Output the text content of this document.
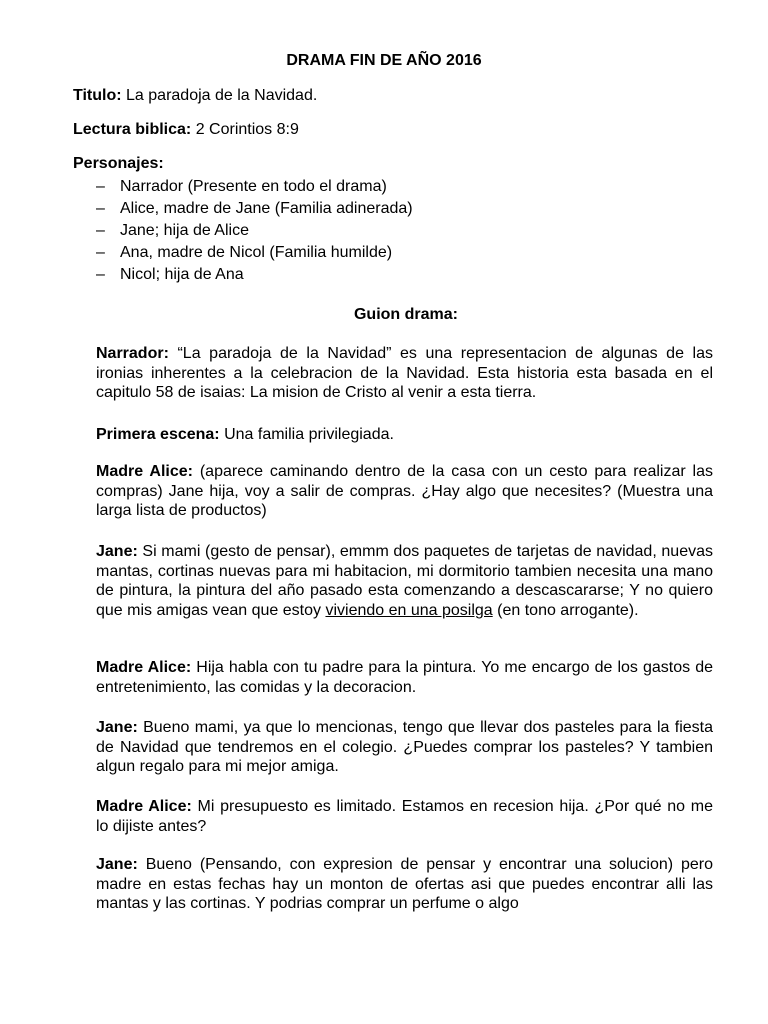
DRAMA FIN DE AÑO 2016
Titulo: La paradoja de la Navidad.
Lectura biblica: 2 Corintios 8:9
Personajes:
– Narrador (Presente en todo el drama)
– Alice, madre de Jane (Familia adinerada)
– Jane; hija de Alice
– Ana, madre de Nicol (Familia humilde)
– Nicol; hija de Ana
Guion drama:

Narrador: “La paradoja de la Navidad” es una representacion de algunas de las ironias inherentes a la celebracion de la Navidad. Esta historia esta basada en el capitulo 58 de isaias: La mision de Cristo al venir a esta tierra.

Primera escena: Una familia privilegiada.

Madre Alice: (aparece caminando dentro de la casa con un cesto para realizar las compras) Jane hija, voy a salir de compras. ¿Hay algo que necesites? (Muestra una larga lista de productos)

Jane: Si mami (gesto de pensar), emmm dos paquetes de tarjetas de navidad, nuevas mantas, cortinas nuevas para mi habitacion, mi dormitorio tambien necesita una mano de pintura, la pintura del año pasado esta comenzando a descascararse; Y no quiero que mis amigas vean que estoy viviendo en una posilga (en tono arrogante).

Madre Alice: Hija habla con tu padre para la pintura. Yo me encargo de los gastos de entretenimiento, las comidas y la decoracion.

Jane: Bueno mami, ya que lo mencionas, tengo que llevar dos pasteles para la fiesta de Navidad que tendremos en el colegio. ¿Puedes comprar los pasteles? Y tambien algun regalo para mi mejor amiga.

Madre Alice: Mi presupuesto es limitado. Estamos en recesion hija. ¿Por qué no me lo dijiste antes?

Jane: Bueno (Pensando, con expresion de pensar y encontrar una solucion) pero madre en estas fechas hay un monton de ofertas asi que puedes encontrar alli las mantas y las cortinas. Y podrias comprar un perfume o algo
